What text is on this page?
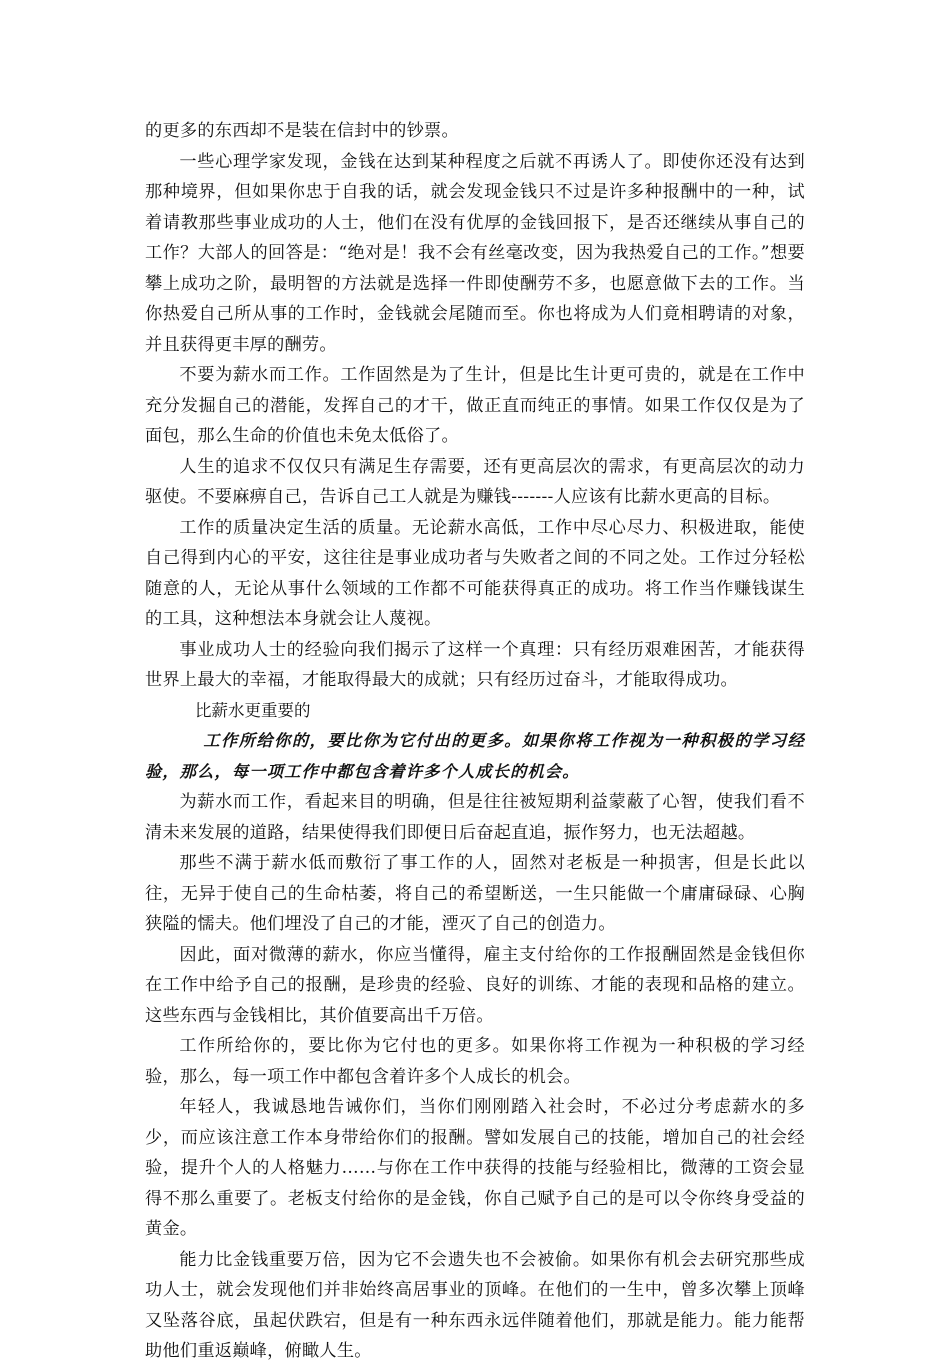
的更多的东西却不是装在信封中的钞票。

一些心理学家发现，金钱在达到某种程度之后就不再诱人了。即使你还没有达到那种境界，但如果你忠于自我的话，就会发现金钱只不过是许多种报酬中的一种，试着请教那些事业成功的人士，他们在没有优厚的金钱回报下，是否还继续从事自己的工作？大部人的回答是：“绝对是！我不会有丝毫改变，因为我热爱自己的工作。”想要攀上成功之阶，最明智的方法就是选择一件即使酬劳不多，也愿意做下去的工作。当你热爱自己所从事的工作时，金钱就会尾随而至。你也将成为人们竟相聘请的对象，并且获得更丰厚的酬劳。

不要为薪水而工作。工作固然是为了生计，但是比生计更可贵的，就是在工作中充分发掘自己的潜能，发挥自己的才干，做正直而纯正的事情。如果工作仅仅是为了面包，那么生命的价值也未免太低俗了。

人生的追求不仅仅只有满足生存需要，还有更高层次的需求，有更高层次的动力驱使。不要麻痹自己，告诉自己工人就是为赚钱-------人应该有比薪水更高的目标。

工作的质量决定生活的质量。无论薪水高低，工作中尽心尽力、积极进取，能使自己得到内心的平安，这往往是事业成功者与失败者之间的不同之处。工作过分轻松随意的人，无论从事什么领域的工作都不可能获得真正的成功。将工作当作赚钱谋生的工具，这种想法本身就会让人蔑视。

事业成功人士的经验向我们揭示了这样一个真理：只有经历艰难困苦，才能获得世界上最大的幸福，才能取得最大的成就；只有经历过奋斗，才能取得成功。

比薪水更重要的

工作所给你的，要比你为它付出的更多。如果你将工作视为一种积极的学习经验，那么，每一项工作中都包含着许多个人成长的机会。

为薪水而工作，看起来目的明确，但是往往被短期利益蒙蔽了心智，使我们看不清未来发展的道路，结果使得我们即便日后奋起直追，振作努力，也无法超越。

那些不满于薪水低而敷衍了事工作的人，固然对老板是一种损害，但是长此以往，无异于使自己的生命枯萎，将自己的希望断送，一生只能做一个庸庸碌碌、心胸狭隘的懦夫。他们埋没了自己的才能，湮灭了自己的创造力。

因此，面对微薄的薪水，你应当懂得，雇主支付给你的工作报酬固然是金钱但你在工作中给予自己的报酬，是珍贵的经验、良好的训练、才能的表现和品格的建立。这些东西与金钱相比，其价值要高出千万倍。

工作所给你的，要比你为它付也的更多。如果你将工作视为一种积极的学习经验，那么，每一项工作中都包含着许多个人成长的机会。

年轻人，我诚恳地告诫你们，当你们刚刚踏入社会时，不必过分考虑薪水的多少，而应该注意工作本身带给你们的报酬。譬如发展自己的技能，增加自己的社会经验，提升个人的人格魅力……与你在工作中获得的技能与经验相比，微薄的工资会显得不那么重要了。老板支付给你的是金钱，你自己赋予自己的是可以令你终身受益的黄金。

能力比金钱重要万倍，因为它不会遗失也不会被偷。如果你有机会去研究那些成功人士，就会发现他们并非始终高居事业的顶峰。在他们的一生中，曾多次攀上顶峰又坠落谷底，虽起伏跌宕，但是有一种东西永远伴随着他们，那就是能力。能力能帮助他们重返巅峰，俯瞰人生。
